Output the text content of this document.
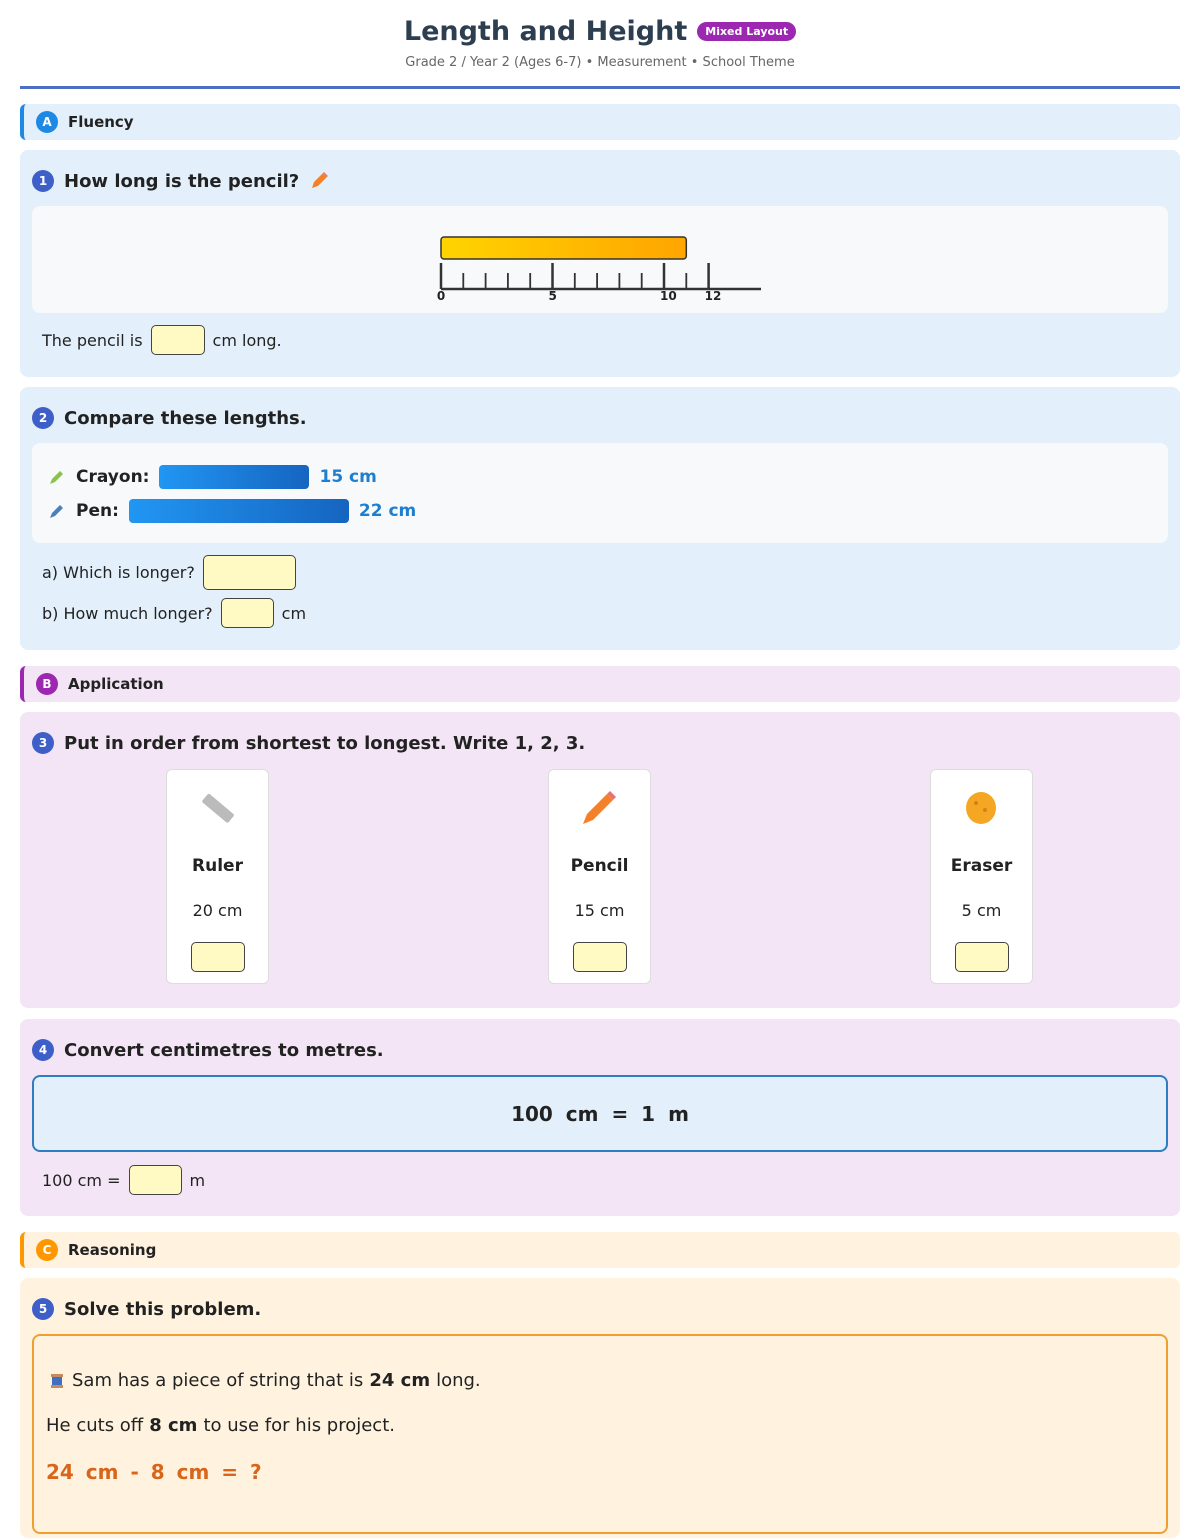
Length and Height	Mixed Layout
Grade 2 / Year 2 (Ages 6-7) • Measurement • School Theme
A	Fluency
1 How long is the pencil?
0	5	10 12
The pencil is	cm long.
2 Compare these lengths.
Crayon:	15 cm
Pen:	22 cm
a) Which is longer?
b) How much longer?	cm
B	Application
3 Put in order from shortest to longest. Write 1, 2, 3.
Ruler
20 cm
Pencil
15 cm
Eraser
5 cm
4 Convert centimetres to metres.
100 cm = 1 m
100 cm =	m
C	Reasoning
5 Solve this problem.
Sam has a piece of string that is 24 cm long.
He cuts off 8 cm to use for his project.
24 cm - 8 cm = ?
